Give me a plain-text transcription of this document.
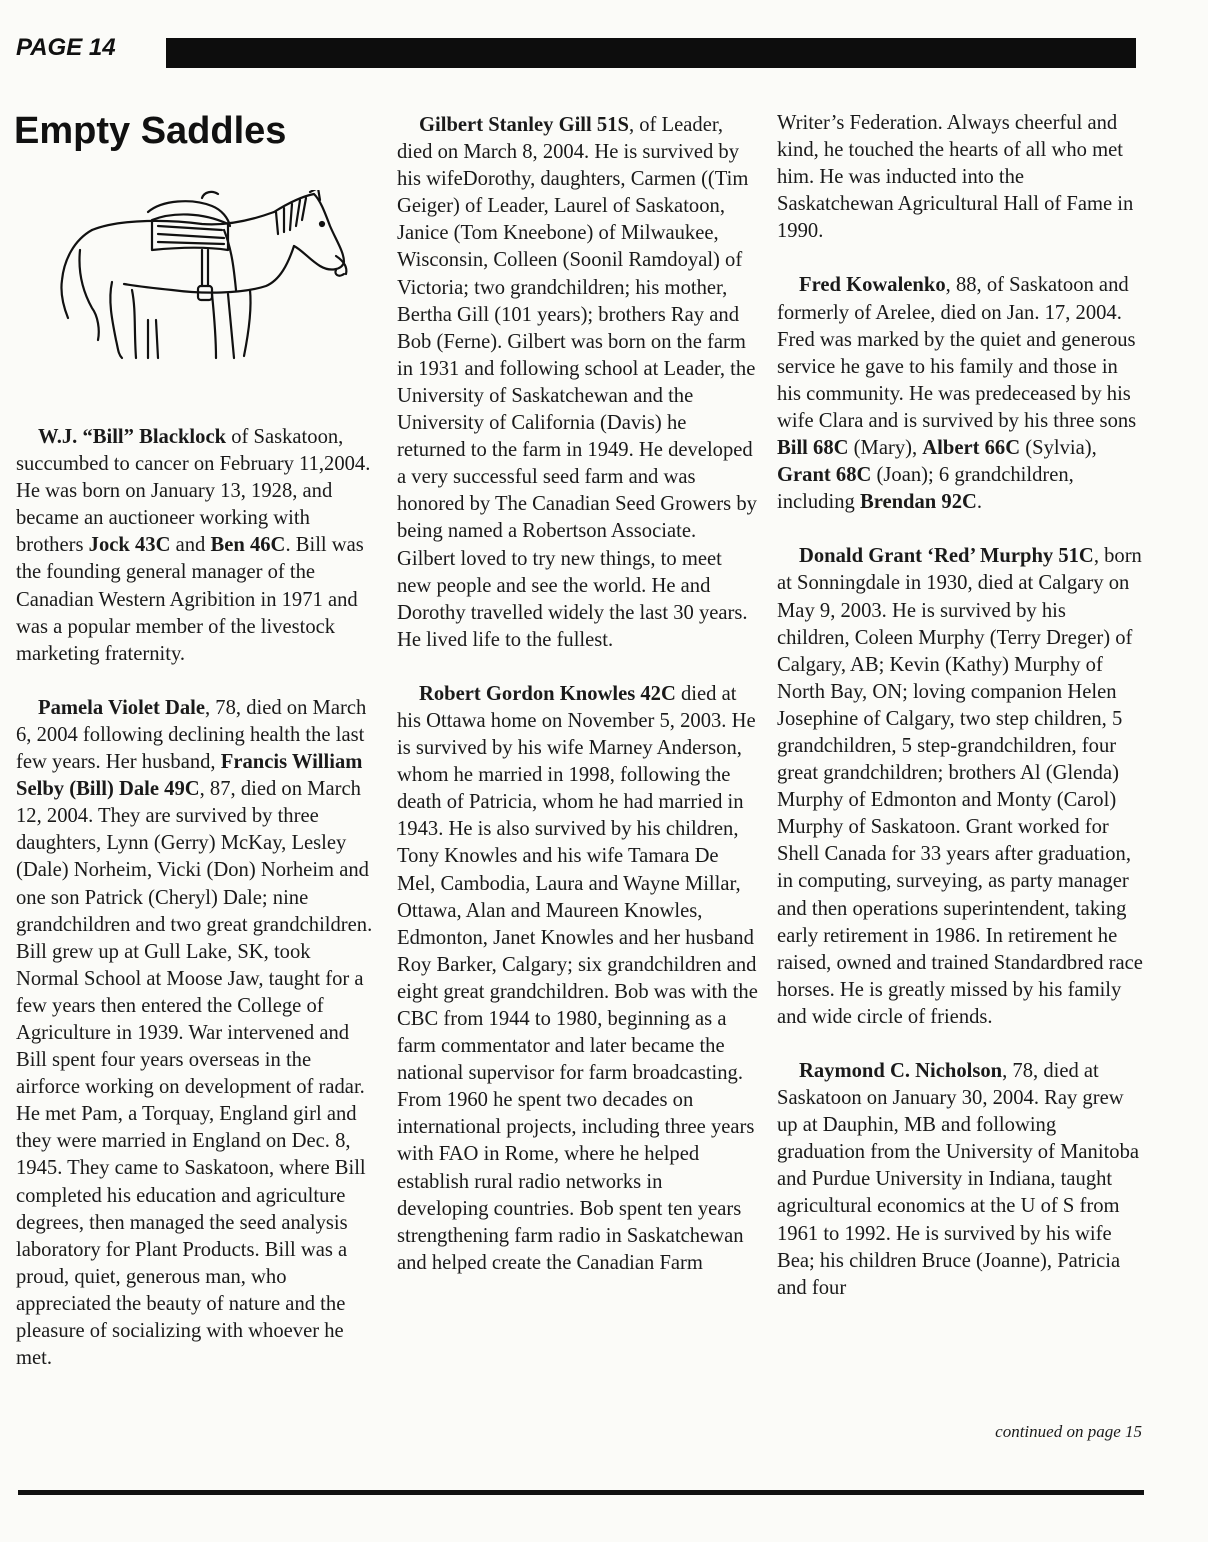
PAGE 14
Empty Saddles

W.J. “Bill” Blacklock of Saskatoon, succumbed to cancer on February 11,2004. He was born on January 13, 1928, and became an auctioneer working with brothers Jock 43C and Ben 46C. Bill was the founding general manager of the Canadian Western Agribition in 1971 and was a popular member of the livestock marketing fraternity.

Pamela Violet Dale, 78, died on March 6, 2004 following declining health the last few years. Her husband, Francis William Selby (Bill) Dale 49C, 87, died on March 12, 2004. They are survived by three daughters, Lynn (Gerry) McKay, Lesley (Dale) Norheim, Vicki (Don) Norheim and one son Patrick (Cheryl) Dale; nine grandchildren and two great grandchildren. Bill grew up at Gull Lake, SK, took Normal School at Moose Jaw, taught for a few years then entered the College of Agriculture in 1939. War intervened and Bill spent four years overseas in the airforce working on development of radar. He met Pam, a Torquay, England girl and they were married in England on Dec. 8, 1945. They came to Saskatoon, where Bill completed his education and agriculture degrees, then managed the seed analysis laboratory for Plant Products. Bill was a proud, quiet, generous man, who appreciated the beauty of nature and the pleasure of socializing with whoever he met.

Gilbert Stanley Gill 51S, of Leader, died on March 8, 2004. He is survived by his wifeDorothy, daughters, Carmen ((Tim Geiger) of Leader, Laurel of Saskatoon, Janice (Tom Kneebone) of Milwaukee, Wisconsin, Colleen (Soonil Ramdoyal) of Victoria; two grandchildren; his mother, Bertha Gill (101 years); brothers Ray and Bob (Ferne). Gilbert was born on the farm in 1931 and following school at Leader, the University of Saskatchewan and the University of California (Davis) he returned to the farm in 1949. He developed a very successful seed farm and was honored by The Canadian Seed Growers by being named a Robertson Associate. Gilbert loved to try new things, to meet new people and see the world. He and Dorothy travelled widely the last 30 years. He lived life to the fullest.

Robert Gordon Knowles 42C died at his Ottawa home on November 5, 2003. He is survived by his wife Marney Anderson, whom he married in 1998, following the death of Patricia, whom he had married in 1943. He is also survived by his children, Tony Knowles and his wife Tamara De Mel, Cambodia, Laura and Wayne Millar, Ottawa, Alan and Maureen Knowles, Edmonton, Janet Knowles and her husband Roy Barker, Calgary; six grandchildren and eight great grandchildren. Bob was with the CBC from 1944 to 1980, beginning as a farm commentator and later became the national supervisor for farm broadcasting. From 1960 he spent two decades on international projects, including three years with FAO in Rome, where he helped establish rural radio networks in developing countries. Bob spent ten years strengthening farm radio in Saskatchewan and helped create the Canadian Farm

Writer’s Federation. Always cheerful and kind, he touched the hearts of all who met him. He was inducted into the Saskatchewan Agricultural Hall of Fame in 1990.

Fred Kowalenko, 88, of Saskatoon and formerly of Arelee, died on Jan. 17, 2004. Fred was marked by the quiet and generous service he gave to his family and those in his community. He was predeceased by his wife Clara and is survived by his three sons Bill 68C (Mary), Albert 66C (Sylvia), Grant 68C (Joan); 6 grandchildren, including Brendan 92C.

Donald Grant ‘Red’ Murphy 51C, born at Sonningdale in 1930, died at Calgary on May 9, 2003. He is survived by his children, Coleen Murphy (Terry Dreger) of Calgary, AB; Kevin (Kathy) Murphy of North Bay, ON; loving companion Helen Josephine of Calgary, two step children, 5 grandchildren, 5 step-grandchildren, four great grandchildren; brothers Al (Glenda) Murphy of Edmonton and Monty (Carol) Murphy of Saskatoon. Grant worked for Shell Canada for 33 years after graduation, in computing, surveying, as party manager and then operations superintendent, taking early retirement in 1986. In retirement he raised, owned and trained Standardbred race horses. He is greatly missed by his family and wide circle of friends.

Raymond C. Nicholson, 78, died at Saskatoon on January 30, 2004. Ray grew up at Dauphin, MB and following graduation from the University of Manitoba and Purdue University in Indiana, taught agricultural economics at the U of S from 1961 to 1992. He is survived by his wife Bea; his children Bruce (Joanne), Patricia and four

continued on page 15
